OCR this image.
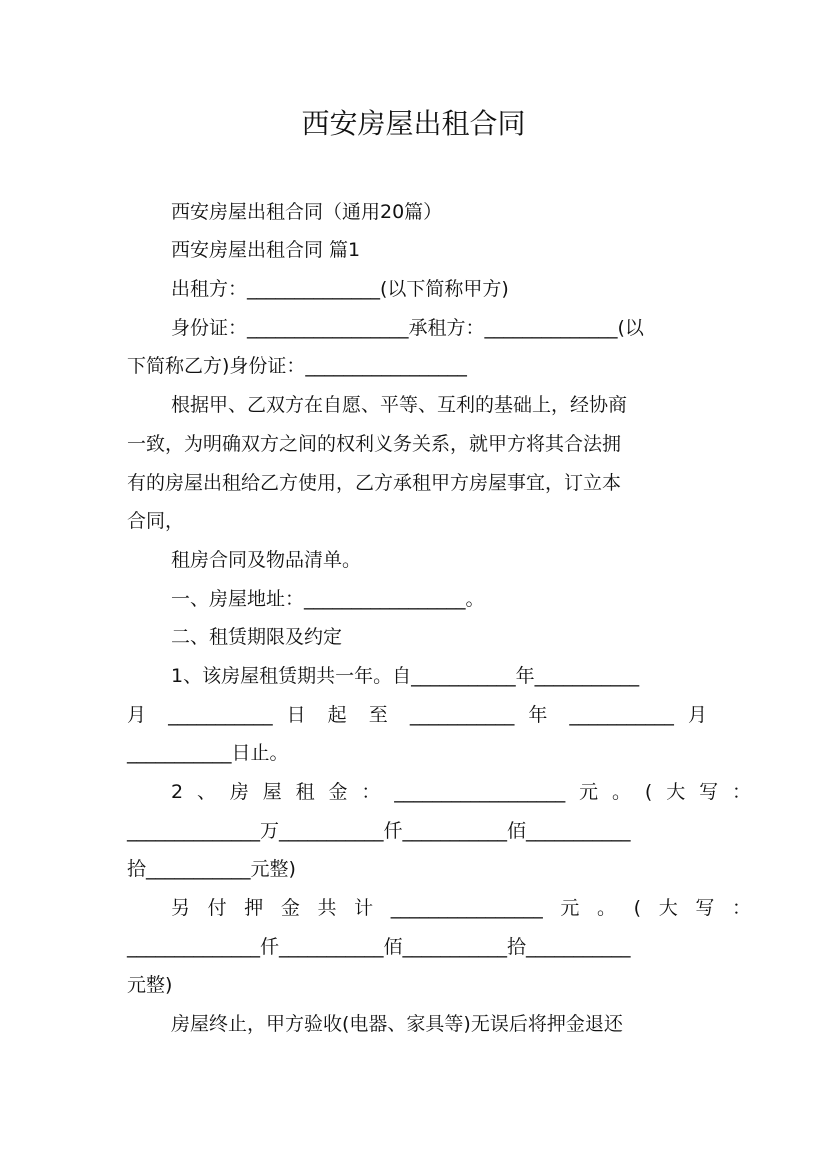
西安房屋出租合同
西安房屋出租合同（通用20篇）
西安房屋出租合同 篇1
出租方：______________(以下简称甲方)
身份证：_________________承租方：______________(以
下简称乙方)身份证：_________________
根据甲、乙双方在自愿、平等、互利的基础上，经协商
一致，为明确双方之间的权利义务关系，就甲方将其合法拥
有的房屋出租给乙方使用，乙方承租甲方房屋事宜，订立本
合同，
租房合同及物品清单。
一、房屋地址：_________________。
二、租赁期限及约定
1、该房屋租赁期共一年。自___________年___________
月 ___________ 日 起 至 ___________ 年 ___________ 月
___________日止。
2、房屋租金：__________________元。(大写：
______________万___________仟___________佰___________
拾___________元整)
另付押金共计________________元。(大写：
______________仟___________佰___________拾___________
元整)
房屋终止，甲方验收(电器、家具等)无误后将押金退还
